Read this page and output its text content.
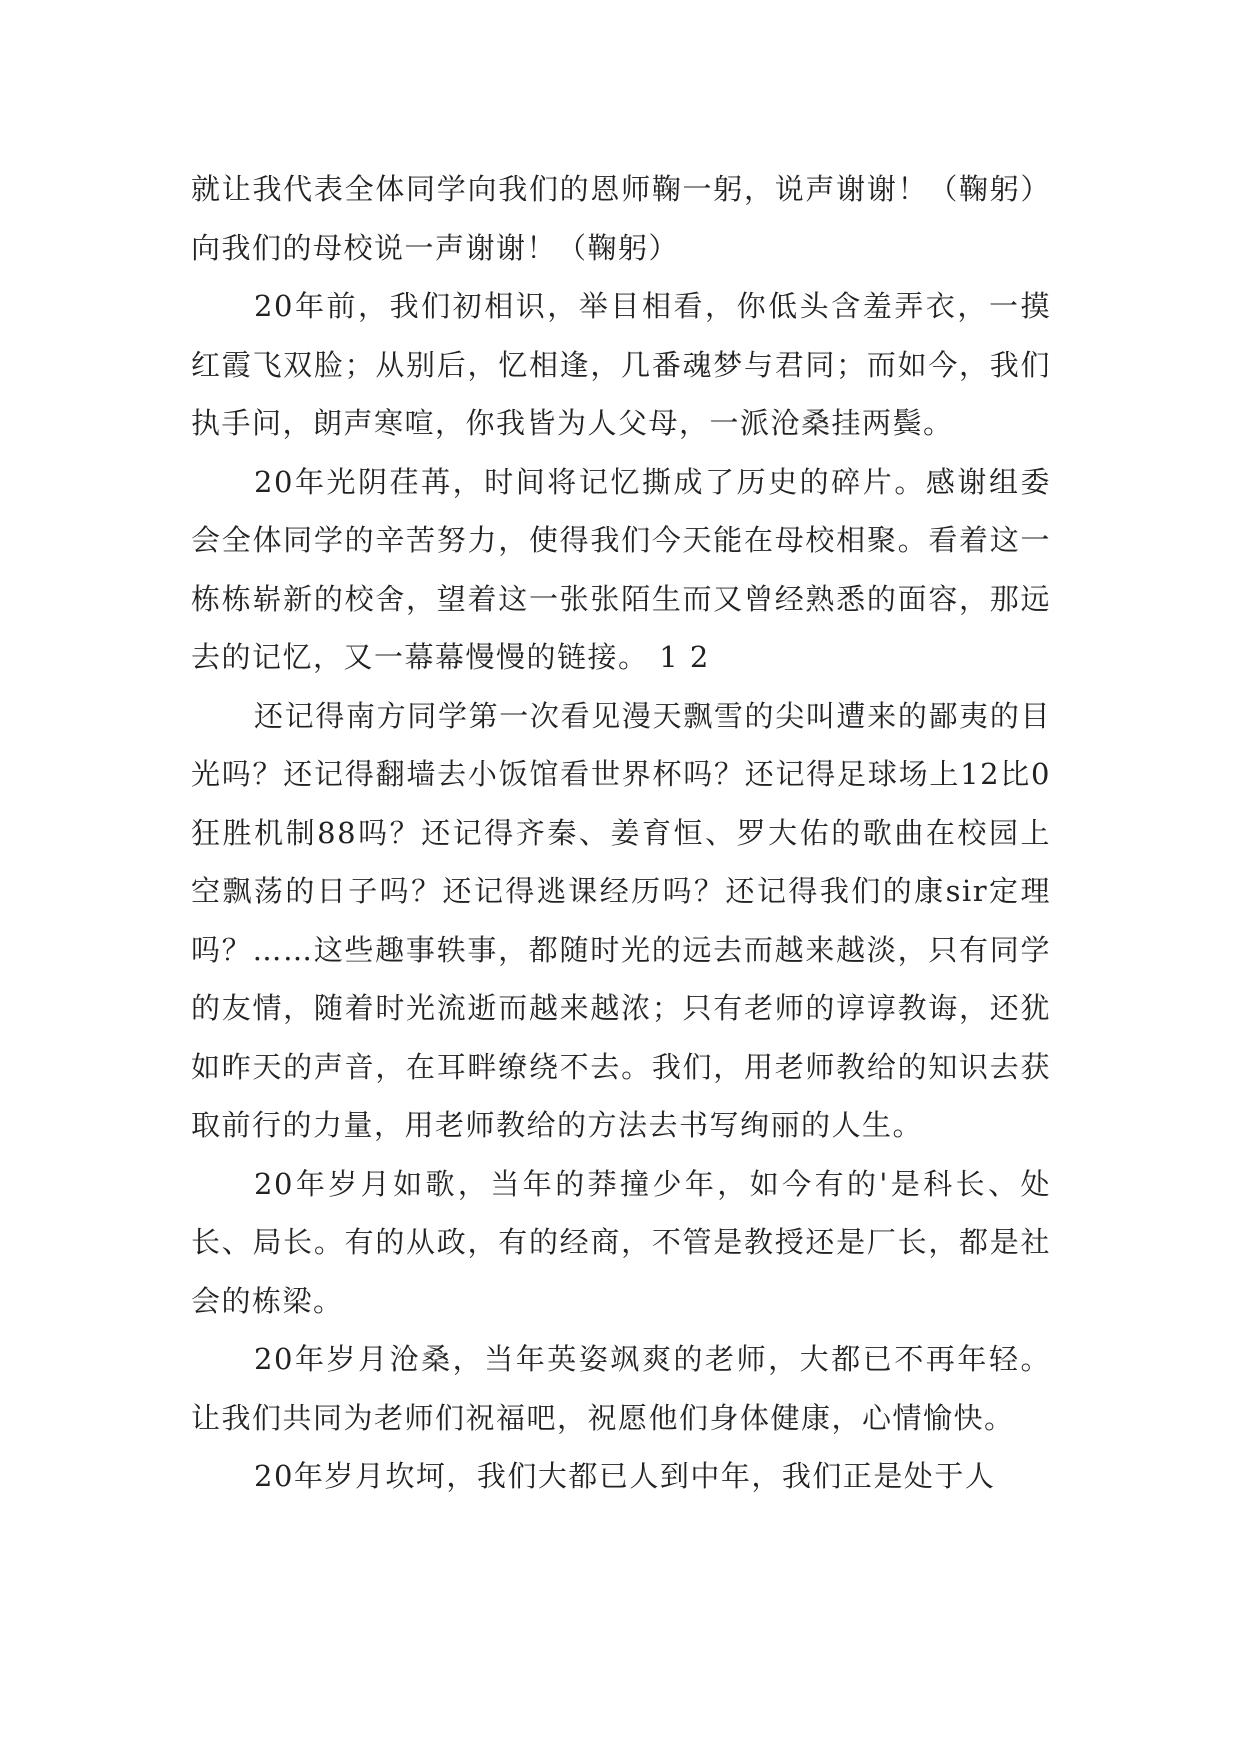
就让我代表全体同学向我们的恩师鞠一躬，说声谢谢！（鞠躬）向我们的母校说一声谢谢！（鞠躬）

20年前，我们初相识，举目相看，你低头含羞弄衣，一摸红霞飞双脸；从别后，忆相逢，几番魂梦与君同；而如今，我们执手问，朗声寒喧，你我皆为人父母，一派沧桑挂两鬓。

20年光阴荏苒，时间将记忆撕成了历史的碎片。感谢组委会全体同学的辛苦努力，使得我们今天能在母校相聚。看着这一栋栋崭新的校舍，望着这一张张陌生而又曾经熟悉的面容，那远去的记忆，又一幕幕慢慢的链接。 1 2

还记得南方同学第一次看见漫天飘雪的尖叫遭来的鄙夷的目光吗？还记得翻墙去小饭馆看世界杯吗？还记得足球场上12比0狂胜机制88吗？还记得齐秦、姜育恒、罗大佑的歌曲在校园上空飘荡的日子吗？还记得逃课经历吗？还记得我们的康sir定理吗？……这些趣事轶事，都随时光的远去而越来越淡，只有同学的友情，随着时光流逝而越来越浓；只有老师的谆谆教诲，还犹如昨天的声音，在耳畔缭绕不去。我们，用老师教给的知识去获取前行的力量，用老师教给的方法去书写绚丽的人生。

20年岁月如歌，当年的莽撞少年，如今有的'是科长、处长、局长。有的从政，有的经商，不管是教授还是厂长，都是社会的栋梁。

20年岁月沧桑，当年英姿飒爽的老师，大都已不再年轻。让我们共同为老师们祝福吧，祝愿他们身体健康，心情愉快。

20年岁月坎坷，我们大都已人到中年，我们正是处于人
